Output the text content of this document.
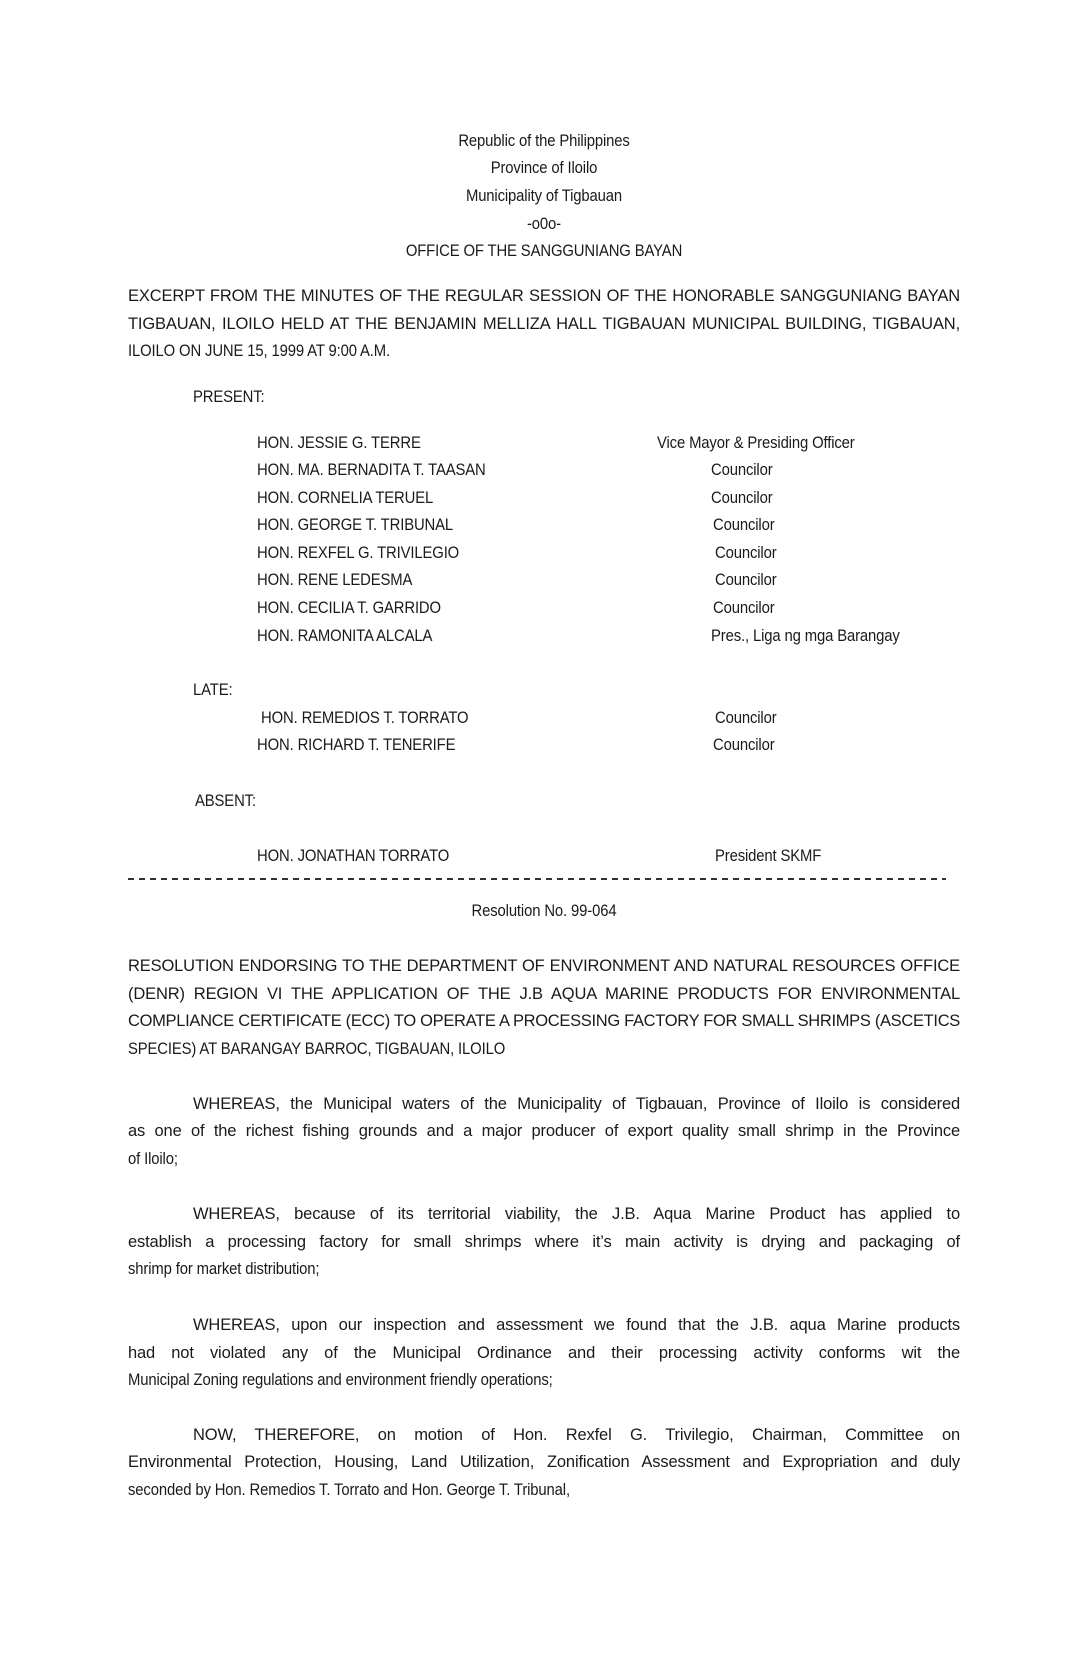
Republic of the Philippines
Province of Iloilo
Municipality of Tigbauan
-o0o-
OFFICE OF THE SANGGUNIANG BAYAN
EXCERPT FROM THE MINUTES OF THE REGULAR SESSION OF THE HONORABLE SANGGUNIANG BAYAN
TIGBAUAN, ILOILO HELD AT THE BENJAMIN MELLIZA HALL TIGBAUAN MUNICIPAL BUILDING, TIGBAUAN,
ILOILO ON JUNE 15, 1999 AT 9:00 A.M.
PRESENT:
HON. JESSIE G. TERRE	Vice Mayor & Presiding Officer
HON. MA. BERNADITA T. TAASAN	Councilor
HON. CORNELIA TERUEL	Councilor
HON. GEORGE T. TRIBUNAL	Councilor
HON. REXFEL G. TRIVILEGIO	Councilor
HON. RENE LEDESMA	Councilor
HON. CECILIA T. GARRIDO	Councilor
HON. RAMONITA ALCALA	Pres., Liga ng mga Barangay
LATE:
HON. REMEDIOS T. TORRATO	Councilor
HON. RICHARD T. TENERIFE	Councilor
ABSENT:
HON. JONATHAN TORRATO	President SKMF
Resolution No. 99-064
RESOLUTION ENDORSING TO THE DEPARTMENT OF ENVIRONMENT AND NATURAL RESOURCES OFFICE
(DENR) REGION VI THE APPLICATION OF THE J.B AQUA MARINE PRODUCTS FOR ENVIRONMENTAL
COMPLIANCE CERTIFICATE (ECC) TO OPERATE A PROCESSING FACTORY FOR SMALL SHRIMPS (ASCETICS
SPECIES) AT BARANGAY BARROC, TIGBAUAN, ILOILO
WHEREAS, the Municipal waters of the Municipality of Tigbauan, Province of Iloilo is considered
as one of the richest fishing grounds and a major producer of export quality small shrimp in the Province
of Iloilo;
WHEREAS, because of its territorial viability, the J.B. Aqua Marine Product has applied to
establish a processing factory for small shrimps where it’s main activity is drying and packaging of
shrimp for market distribution;
WHEREAS, upon our inspection and assessment we found that the J.B. aqua Marine products
had not violated any of the Municipal Ordinance and their processing activity conforms wit the
Municipal Zoning regulations and environment friendly operations;
NOW, THEREFORE, on motion of Hon. Rexfel G. Trivilegio, Chairman, Committee on
Environmental Protection, Housing, Land Utilization, Zonification Assessment and Expropriation and duly
seconded by Hon. Remedios T. Torrato and Hon. George T. Tribunal,
